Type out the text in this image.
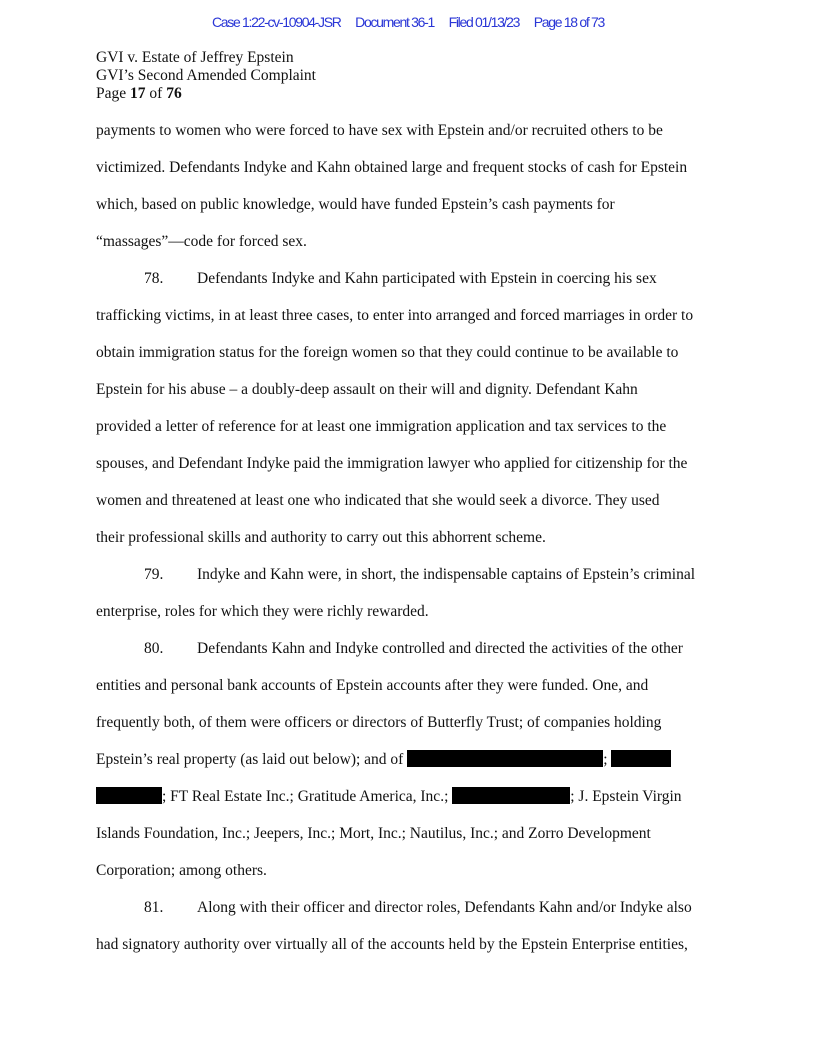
Case 1:22-cv-10904-JSR Document 36-1 Filed 01/13/23 Page 18 of 73
GVI v. Estate of Jeffrey Epstein
GVI’s Second Amended Complaint
Page 17 of 76
payments to women who were forced to have sex with Epstein and/or recruited others to be
victimized. Defendants Indyke and Kahn obtained large and frequent stocks of cash for Epstein
which, based on public knowledge, would have funded Epstein’s cash payments for
“massages”—code for forced sex.
78. Defendants Indyke and Kahn participated with Epstein in coercing his sex
trafficking victims, in at least three cases, to enter into arranged and forced marriages in order to
obtain immigration status for the foreign women so that they could continue to be available to
Epstein for his abuse – a doubly-deep assault on their will and dignity. Defendant Kahn
provided a letter of reference for at least one immigration application and tax services to the
spouses, and Defendant Indyke paid the immigration lawyer who applied for citizenship for the
women and threatened at least one who indicated that she would seek a divorce. They used
their professional skills and authority to carry out this abhorrent scheme.
79. Indyke and Kahn were, in short, the indispensable captains of Epstein’s criminal
enterprise, roles for which they were richly rewarded.
80. Defendants Kahn and Indyke controlled and directed the activities of the other
entities and personal bank accounts of Epstein accounts after they were funded. One, and
frequently both, of them were officers or directors of Butterfly Trust; of companies holding
Epstein’s real property (as laid out below); and of	;
; FT Real Estate Inc.; Gratitude America, Inc.;	; J. Epstein Virgin
Islands Foundation, Inc.; Jeepers, Inc.; Mort, Inc.; Nautilus, Inc.; and Zorro Development
Corporation; among others.
81. Along with their officer and director roles, Defendants Kahn and/or Indyke also
had signatory authority over virtually all of the accounts held by the Epstein Enterprise entities,
